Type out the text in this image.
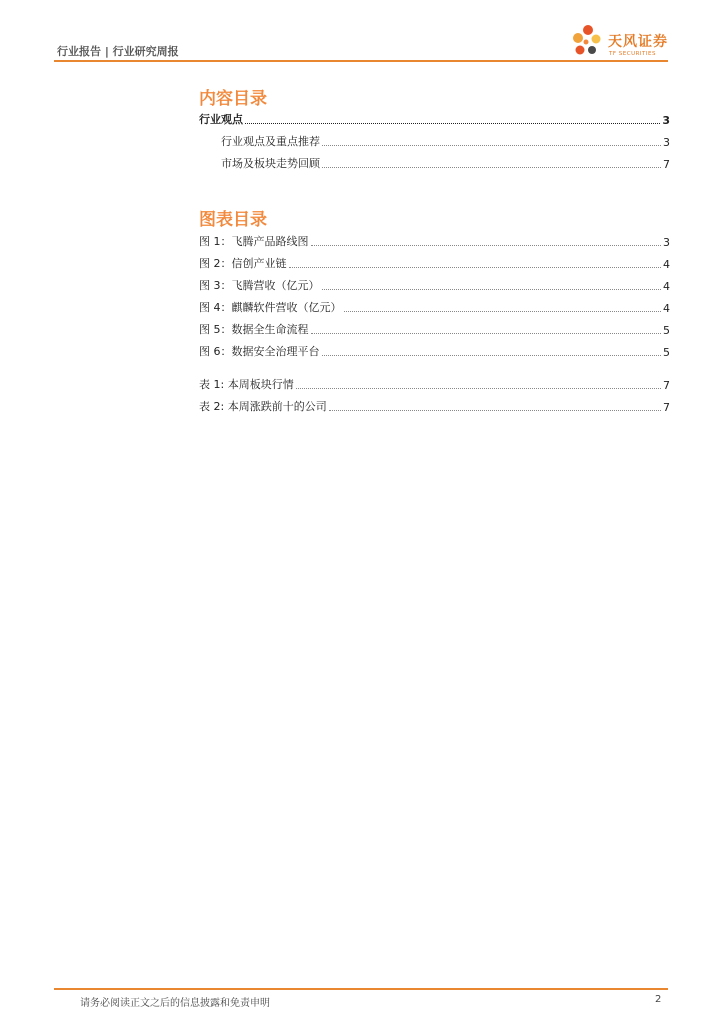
行业报告 | 行业研究周报
天风证券
TF SECURITIES
内容目录
行业观点	3
行业观点及重点推荐	3
市场及板块走势回顾	7
图表目录
图 1：飞腾产品路线图	3
图 2：信创产业链	4
图 3：飞腾营收（亿元）	4
图 4：麒麟软件营收（亿元）	4
图 5：数据全生命流程	5
图 6：数据安全治理平台	5
表 1: 本周板块行情	7
表 2: 本周涨跌前十的公司	7
请务必阅读正文之后的信息披露和免责申明	2
